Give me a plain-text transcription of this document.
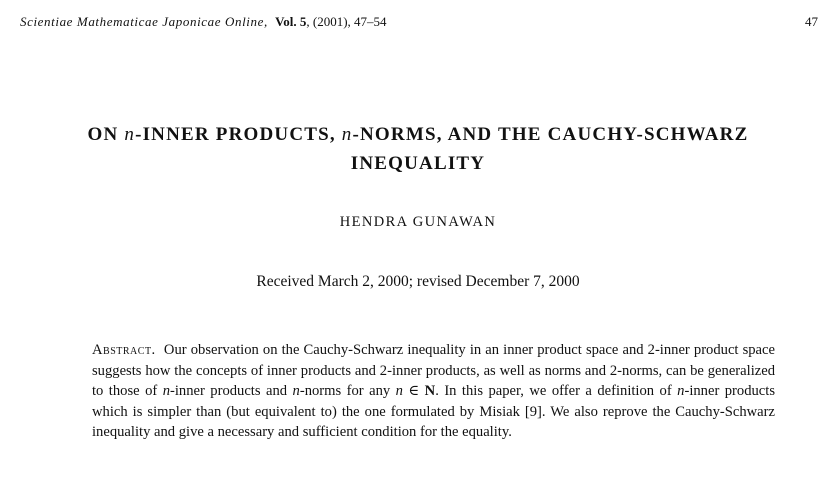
Scientiae Mathematicae Japonicae Online, Vol. 5, (2001), 47–54	47
ON n-INNER PRODUCTS, n-NORMS, AND THE CAUCHY-SCHWARZ
INEQUALITY
HENDRA GUNAWAN
Received March 2, 2000; revised December 7, 2000
Abstract. Our observation on the Cauchy-Schwarz inequality in an inner product space and 2-inner product space suggests how the concepts of inner products and 2-inner products, as well as norms and 2-norms, can be generalized to those of n-inner products and n-norms for any n ∈ N. In this paper, we offer a definition of n-inner products which is simpler than (but equivalent to) the one formulated by Misiak [9]. We also reprove the Cauchy-Schwarz inequality and give a necessary and sufficient condition for the equality.
